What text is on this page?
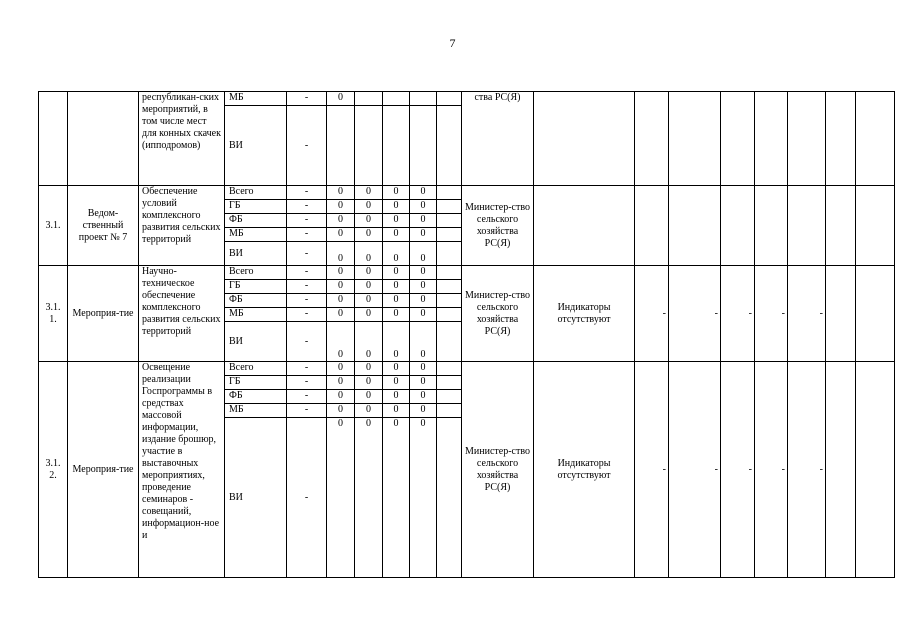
7
		республикан-ских мероприятий, в том числе мест для конных скачек (ипподромов)	МБ	-	0					ства РС(Я)								
			ВИ	-														
3.1.	Ведом-ственный проект № 7	Обеспечение условий комплексного развития сельских территорий	Всего	-	0	0	0	0		Министер-ство сельского хозяйства РС(Я)								
			ГБ	-	0	0	0	0										
			ФБ	-	0	0	0	0										
			МБ	-	0	0	0	0										
			ВИ	-	0	0	0	0										
3.1. 1.	Мероприя-тие	Научно-техническое обеспечение комплексного развития сельских территорий	Всего	-	0	0	0	0		Министер-ство сельского хозяйства РС(Я)	Индикаторы отсутствуют	-	-	-	-	-		
			ГБ	-	0	0	0	0										
			ФБ	-	0	0	0	0										
			МБ	-	0	0	0	0										
			ВИ	-	0	0	0	0										
3.1. 2.	Мероприя-тие	Освещение реализации Госпрограммы в средствах массовой информации, издание брошюр, участие в выставочных мероприятиях, проведение семинаров - совещаний, информацион-ное и	Всего	-	0	0	0	0		Министер-ство сельского хозяйства РС(Я)	Индикаторы отсутствуют	-	-	-	-	-		
			ГБ	-	0	0	0	0										
			ФБ	-	0	0	0	0										
			МБ	-	0	0	0	0										
			ВИ	-	0	0	0	0										
